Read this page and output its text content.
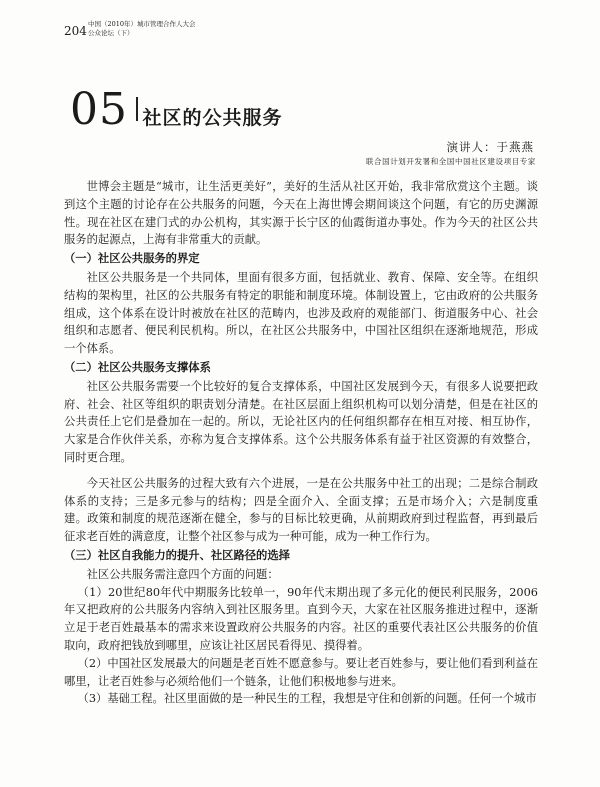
204 中国（2010年）城市管理合作人大会
公众论坛（下）
05 社区的公共服务
演讲人：于燕燕
联合国计划开发署和全国中国社区建设项目专家

世博会主题是“城市，让生活更美好”，美好的生活从社区开始，我非常欣赏这个主题。谈到这个主题的讨论存在公共服务的问题，今天在上海世博会期间谈这个问题，有它的历史渊源性。现在社区在建门式的办公机构，其实源于长宁区的仙霞街道办事处。作为今天的社区公共服务的起源点，上海有非常重大的贡献。

（一）社区公共服务的界定

社区公共服务是一个共同体，里面有很多方面，包括就业、教育、保障、安全等。在组织结构的架构里，社区的公共服务有特定的职能和制度环境。体制设置上，它由政府的公共服务组成，这个体系在设计时被放在社区的范畴内，也涉及政府的观能部门、街道服务中心、社会组织和志愿者、便民利民机构。所以，在社区公共服务中，中国社区组织在逐渐地规范，形成一个体系。

（二）社区公共服务支撑体系

社区公共服务需要一个比较好的复合支撑体系，中国社区发展到今天，有很多人说要把政府、社会、社区等组织的职责划分清楚。在社区层面上组织机构可以划分清楚，但是在社区的公共责任上它们是叠加在一起的。所以，无论社区内的任何组织都存在相互对接、相互协作，大家是合作伙伴关系，亦称为复合支撑体系。这个公共服务体系有益于社区资源的有效整合，同时更合理。

今天社区公共服务的过程大致有六个进展，一是在公共服务中社工的出现；二是综合制政体系的支持；三是多元参与的结构；四是全面介入、全面支撑；五是市场介入；六是制度重建。政策和制度的规范逐渐在健全，参与的目标比较更确，从前期政府到过程监督，再到最后征求老百姓的满意度，让整个社区参与成为一种可能，成为一种工作行为。

（三）社区自我能力的提升、社区路径的选择

社区公共服务需注意四个方面的问题：

（1）20世纪80年代中期服务比较单一，90年代末期出现了多元化的便民利民服务，2006年又把政府的公共服务内容纳入到社区服务里。直到今天，大家在社区服务推进过程中，逐渐立足于老百姓最基本的需求来设置政府公共服务的内容。社区的重要代表社区公共服务的价值取向，政府把钱放到哪里，应该让社区居民看得见、摸得着。

（2）中国社区发展最大的问题是老百姓不愿意参与。要让老百姓参与，要让他们看到利益在哪里，让老百姓参与必须给他们一个链条，让他们积极地参与进来。

（3）基础工程。社区里面做的是一种民生的工程，我想是守住和创新的问题。任何一个城市
